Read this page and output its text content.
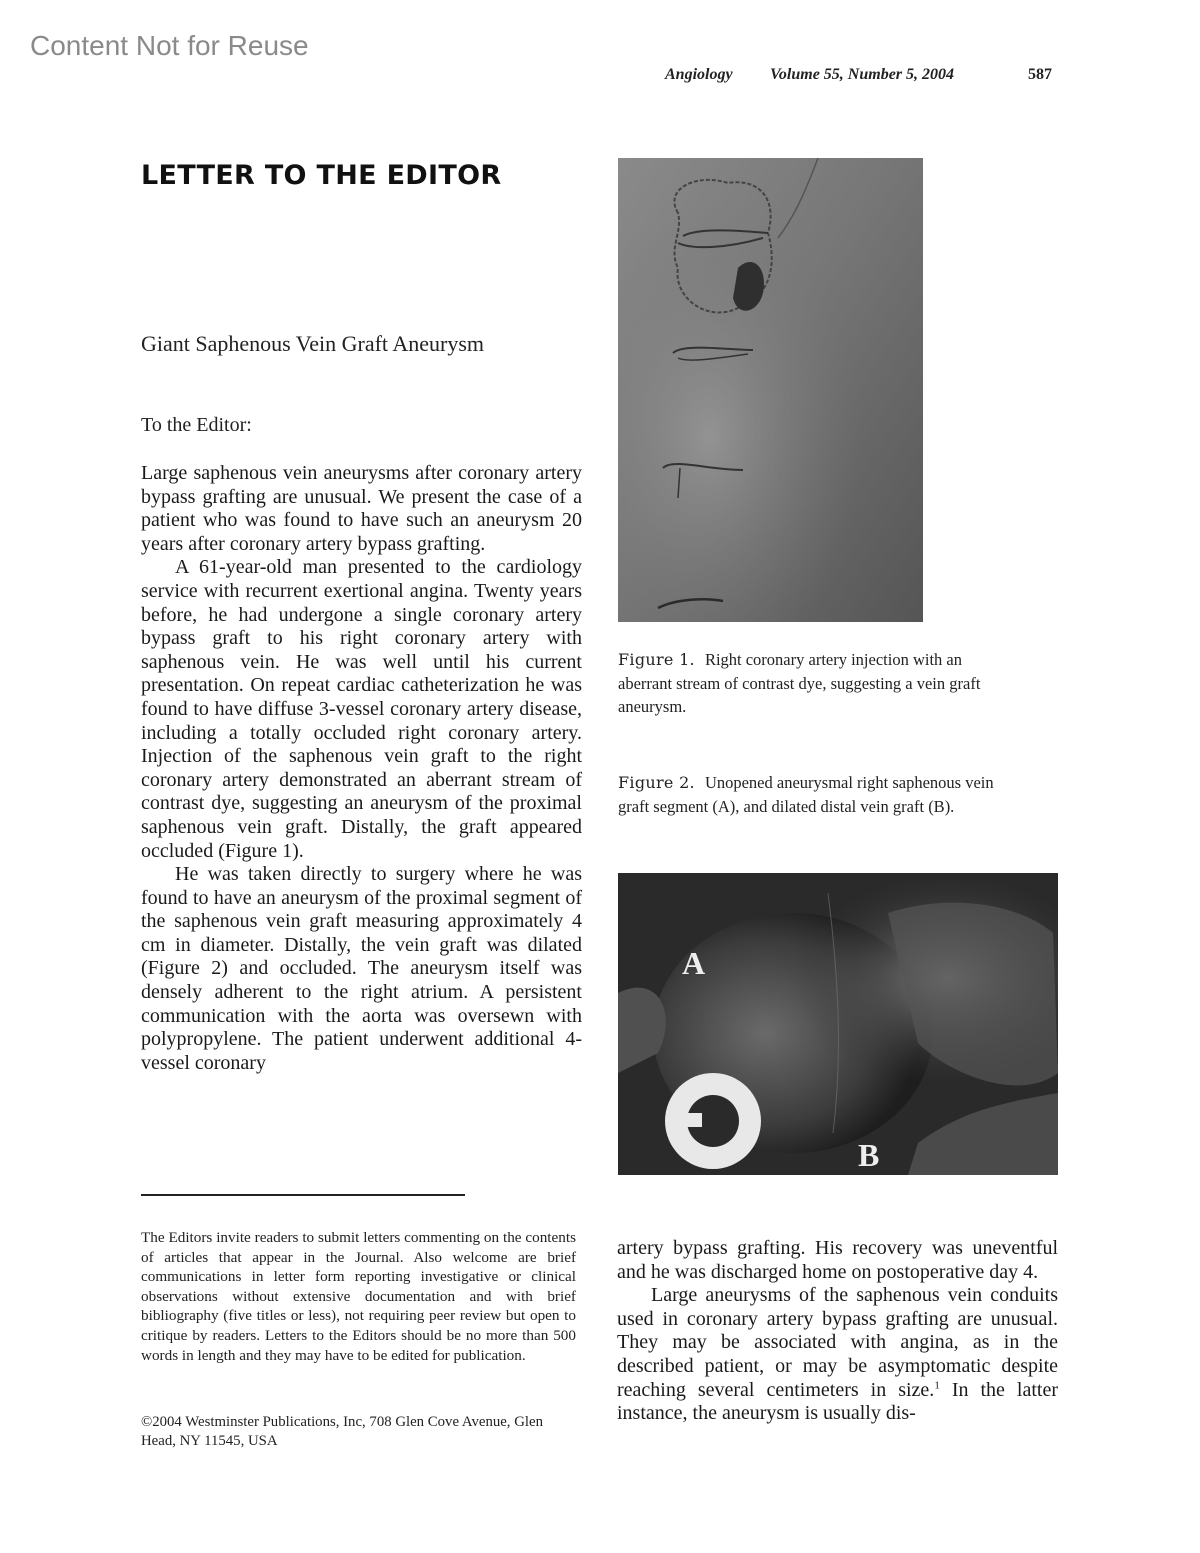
Content Not for Reuse
Angiology Volume 55, Number 5, 2004	587
LETTER TO THE EDITOR
Giant Saphenous Vein Graft Aneurysm
To the Editor:

Large saphenous vein aneurysms after coronary artery bypass grafting are unusual. We present the case of a patient who was found to have such an aneurysm 20 years after coronary artery bypass grafting.

A 61-year-old man presented to the cardiology service with recurrent exertional angina. Twenty years before, he had undergone a single coronary artery bypass graft to his right coronary artery with saphenous vein. He was well until his current presentation. On repeat cardiac catheterization he was found to have diffuse 3-vessel coronary artery disease, including a totally occluded right coronary artery. Injection of the saphenous vein graft to the right coronary artery demonstrated an aberrant stream of contrast dye, suggesting an aneurysm of the proximal saphenous vein graft. Distally, the graft appeared occluded (Figure 1).

He was taken directly to surgery where he was found to have an aneurysm of the proximal segment of the saphenous vein graft measuring approximately 4 cm in diameter. Distally, the vein graft was dilated (Figure 2) and occluded. The aneurysm itself was densely adherent to the right atrium. A persistent communication with the aorta was oversewn with polypropylene. The patient underwent additional 4-vessel coronary

Figure 1. Right coronary artery injection with an aberrant stream of contrast dye, suggesting a vein graft aneurysm.
Figure 2. Unopened aneurysmal right saphenous vein graft segment (A), and dilated distal vein graft (B).
A
B

artery bypass grafting. His recovery was uneventful and he was discharged home on postoperative day 4.

Large aneurysms of the saphenous vein conduits used in coronary artery bypass grafting are unusual. They may be associated with angina, as in the described patient, or may be asymptomatic despite reaching several centimeters in size.$^1$ In the latter instance, the aneurysm is usually dis-

The Editors invite readers to submit letters commenting on the contents of articles that appear in the Journal. Also welcome are brief communications in letter form reporting investigative or clinical observations without extensive documentation and with brief bibliography (five titles or less), not requiring peer review but open to critique by readers. Letters to the Editors should be no more than 500 words in length and they may have to be edited for publication.
©2004 Westminster Publications, Inc, 708 Glen Cove Avenue, Glen Head, NY 11545, USA
